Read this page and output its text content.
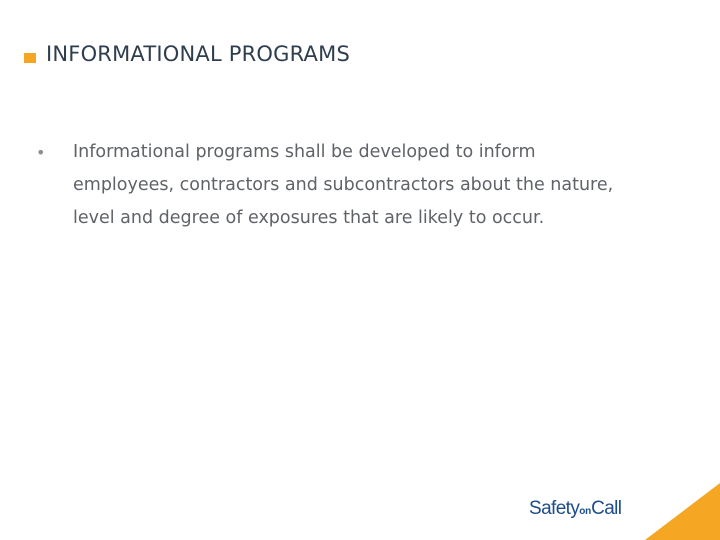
INFORMATIONAL PROGRAMS
• Informational programs shall be developed to inform
employees, contractors and subcontractors about the nature,
level and degree of exposures that are likely to occur.
SafetyonCall
